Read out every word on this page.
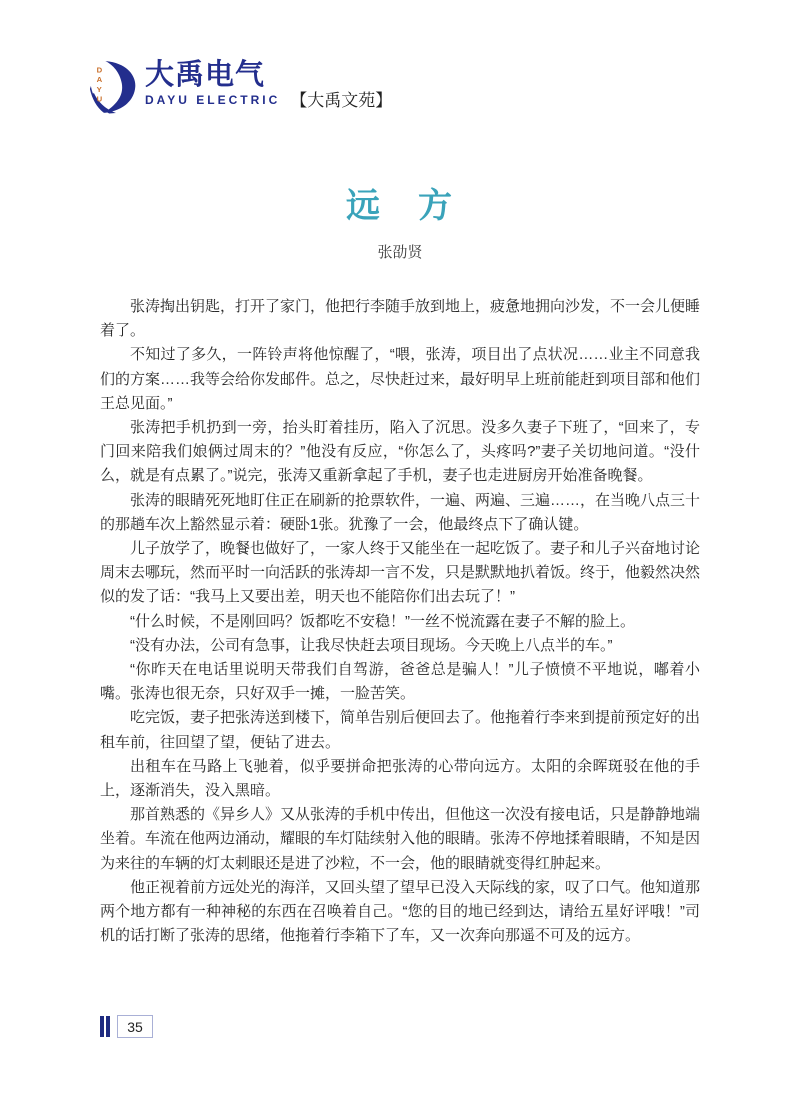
D
A
Y
U
大禹电气
DAYU ELECTRIC 【大禹文苑】
远　方
张劭贤

张涛掏出钥匙，打开了家门，他把行李随手放到地上，疲惫地拥向沙发，不一会儿便睡着了。

不知过了多久，一阵铃声将他惊醒了，“喂，张涛，项目出了点状况……业主不同意我们的方案……我等会给你发邮件。总之，尽快赶过来，最好明早上班前能赶到项目部和他们王总见面。”

张涛把手机扔到一旁，抬头盯着挂历，陷入了沉思。没多久妻子下班了，“回来了，专门回来陪我们娘俩过周末的？”他没有反应，“你怎么了，头疼吗?”妻子关切地问道。“没什么，就是有点累了。”说完，张涛又重新拿起了手机，妻子也走进厨房开始准备晚餐。

张涛的眼睛死死地盯住正在刷新的抢票软件，一遍、两遍、三遍……，在当晚八点三十的那趟车次上豁然显示着：硬卧1张。犹豫了一会，他最终点下了确认键。

儿子放学了，晚餐也做好了，一家人终于又能坐在一起吃饭了。妻子和儿子兴奋地讨论周末去哪玩，然而平时一向活跃的张涛却一言不发，只是默默地扒着饭。终于，他毅然决然似的发了话：“我马上又要出差，明天也不能陪你们出去玩了！”

“什么时候，不是刚回吗？饭都吃不安稳！”一丝不悦流露在妻子不解的脸上。

“没有办法，公司有急事，让我尽快赶去项目现场。今天晚上八点半的车。”

“你昨天在电话里说明天带我们自驾游，爸爸总是骗人！”儿子愤愤不平地说，嘟着小嘴。张涛也很无奈，只好双手一摊，一脸苦笑。

吃完饭，妻子把张涛送到楼下，简单告别后便回去了。他拖着行李来到提前预定好的出租车前，往回望了望，便钻了进去。

出租车在马路上飞驰着，似乎要拼命把张涛的心带向远方。太阳的余晖斑驳在他的手上，逐渐消失，没入黑暗。

那首熟悉的《异乡人》又从张涛的手机中传出，但他这一次没有接电话，只是静静地端坐着。车流在他两边涌动，耀眼的车灯陆续射入他的眼睛。张涛不停地揉着眼睛，不知是因为来往的车辆的灯太刺眼还是进了沙粒，不一会，他的眼睛就变得红肿起来。

他正视着前方远处光的海洋，又回头望了望早已没入天际线的家，叹了口气。他知道那两个地方都有一种神秘的东西在召唤着自己。“您的目的地已经到达，请给五星好评哦！”司机的话打断了张涛的思绪，他拖着行李箱下了车，又一次奔向那遥不可及的远方。

35
